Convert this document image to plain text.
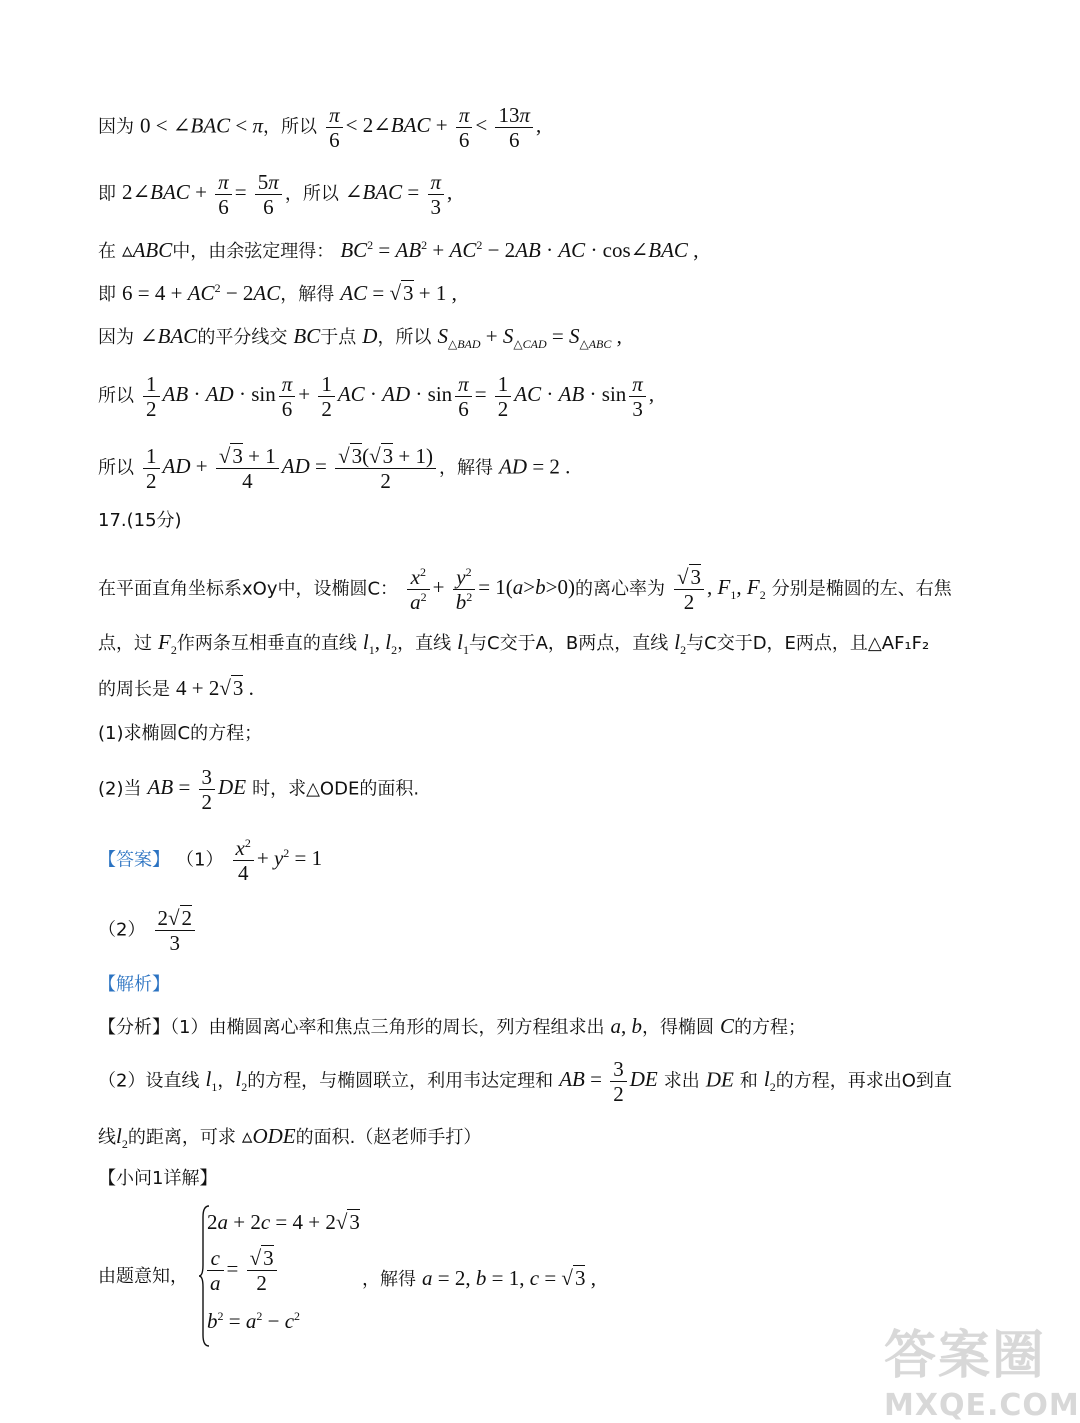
因为 0 < ∠BAC < π，所以 $\frac{\pi}{6}$ < 2∠BAC + $\frac{\pi}{6} < \frac{13\pi}{6}$ ,
即 2∠BAC + $\frac{\pi}{6} = \frac{5\pi}{6}$ ，所以 ∠BAC = $\frac{\pi}{3}$ ,
在 ▵ABC中，由余弦定理得： $BC^2 = AB^2 + AC^2 - 2AB$ · AC · cos∠BAC ,
即 $6 = 4 + AC^2 - 2AC$，解得 AC = √3 + 1 ,
因为 ∠BAC的平分线交 BC于点 D，所以 $S_{\triangle BAD} + S_{\triangle CAD} = S_{\triangle ABC}$ ,
所以 $\frac{1}{2}$ AB · AD · $\sin \frac{\pi}{6} + \frac{1}{2}$ AC · AD · $\sin \frac{\pi}{6} = \frac{1}{2}$ AC · AB · $\sin \frac{\pi}{3}$ ,
所以 $\frac{1}{2}$ AD + $\frac{√3 + 1}{4}$ AD = $\frac{√3(√3 + 1)}{2}$ ，解得 AD = 2 .
17.(15分)
在平面直角坐标系xOy中，设椭圆C： $\frac{x^2}{a^2} + \frac{y^2}{b^2} = 1(a>b>0)$的离心率为 $\frac{√3}{2}$ , $F_1$, $F_2$ 分别是椭圆的左、右焦
点，过 $F_2$作两条互相垂直的直线 $l_1$, $l_2$，直线 $l_1$与C交于A，B两点，直线 $l_2$与C交于D，E两点，且△AF₁F₂
的周长是 4 + 2√3 .
(1)求椭圆C的方程；
(2)当 AB = $\frac{3}{2}$ DE 时，求△ODE的面积.
【答案】 $(1) \frac{x^2}{4} + y^2 = 1$
$(2) \frac{2√2}{3}$
【解析】
【分析】（1）由椭圆离心率和焦点三角形的周长，列方程组求出 a, b，得椭圆 C的方程；
（2）设直线 $l_1$，$l_2$的方程，与椭圆联立，利用韦达定理和 AB = $\frac{3}{2}$ DE 求出 DE 和 $l_2$的方程，再求出O到直
线$l_2$的距离，可求 ▵ODE的面积.（赵老师手打）
【小问1详解】
由题意知，
2a + 2c = 4 + 2√3
$\frac{c}{a} = \frac{√3}{2}$
$b^2 = a^2 - c^2$
，解得 a = 2, b = 1, c = √3 ,
答案圈
MXQE.COM
